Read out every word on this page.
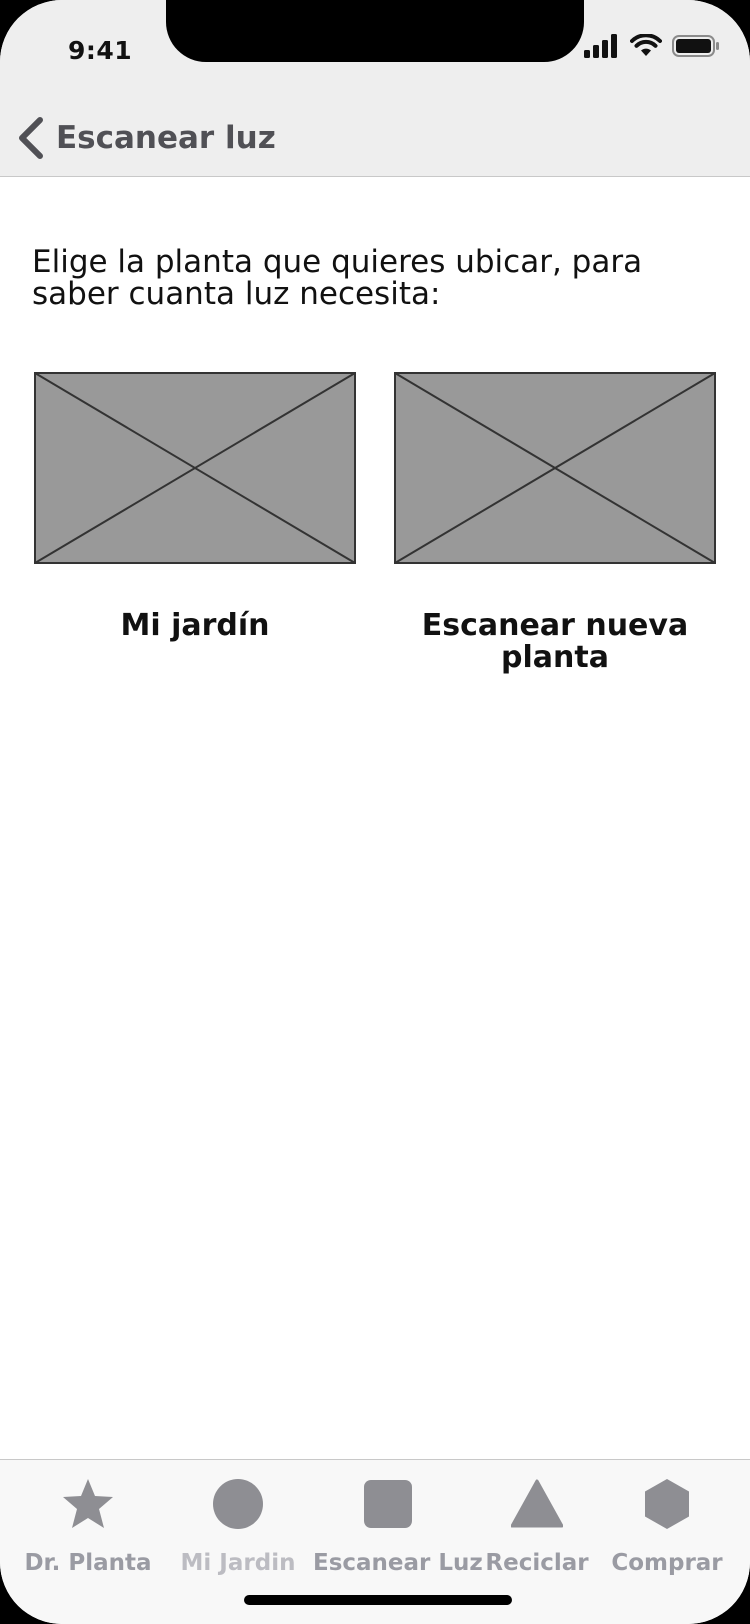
9:41
Escanear luz
Elige la planta que quieres ubicar, para saber cuanta luz necesita:
Mi jardín	Escanear nueva planta
Dr. Planta	Mi Jardin Escanear Luz Reciclar Comprar
